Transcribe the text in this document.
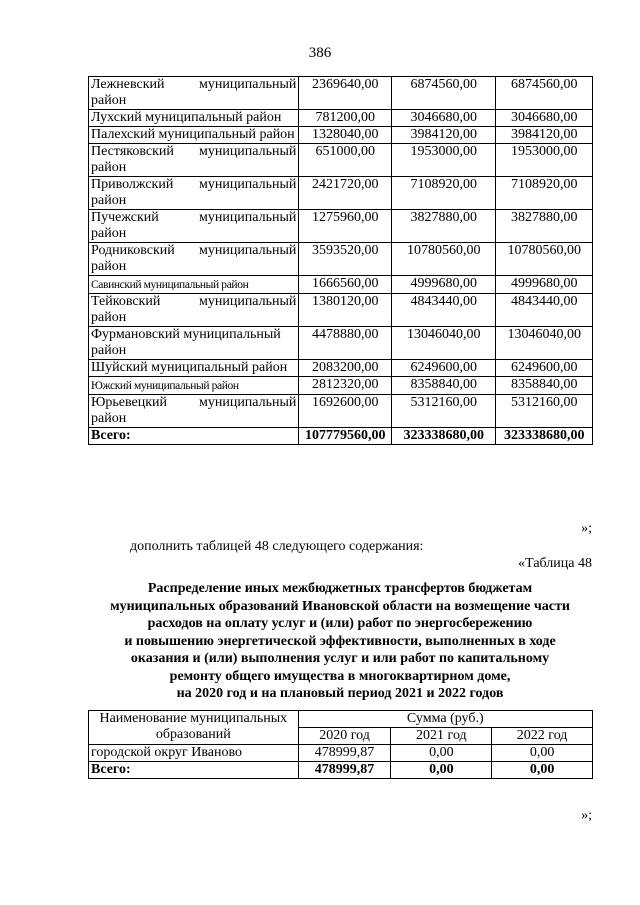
386
Лежневский муниципальный район	2369640,00	6874560,00	6874560,00
Лухский муниципальный район	781200,00	3046680,00	3046680,00
Палехский муниципальный район	1328040,00	3984120,00	3984120,00
Пестяковский муниципальный район	651000,00	1953000,00	1953000,00
Приволжский муниципальный район	2421720,00	7108920,00	7108920,00
Пучежский муниципальный район	1275960,00	3827880,00	3827880,00
Родниковский муниципальный район	3593520,00	10780560,00	10780560,00
Савинский муниципальный район	1666560,00	4999680,00	4999680,00
Тейковский муниципальный район	1380120,00	4843440,00	4843440,00
Фурмановский муниципальный район	4478880,00	13046040,00	13046040,00
Шуйский муниципальный район	2083200,00	6249600,00	6249600,00
Южский муниципальный район	2812320,00	8358840,00	8358840,00
Юрьевецкий муниципальный район	1692600,00	5312160,00	5312160,00
Всего:	107779560,00	323338680,00	323338680,00
»;
дополнить таблицей 48 следующего содержания:
«Таблица 48
Распределение иных межбюджетных трансфертов бюджетам
муниципальных образований Ивановской области на возмещение части
расходов на оплату услуг и (или) работ по энергосбережению
и повышению энергетической эффективности, выполненных в ходе
оказания и (или) выполнения услуг и или работ по капитальному
ремонту общего имущества в многоквартирном доме,
на 2020 год и на плановый период 2021 и 2022 годов
Наименование муниципальных
образований	Сумма (руб.)		
	2020 год	2021 год	2022 год
городской округ Иваново	478999,87	0,00	0,00
Всего:	478999,87	0,00	0,00
»;
